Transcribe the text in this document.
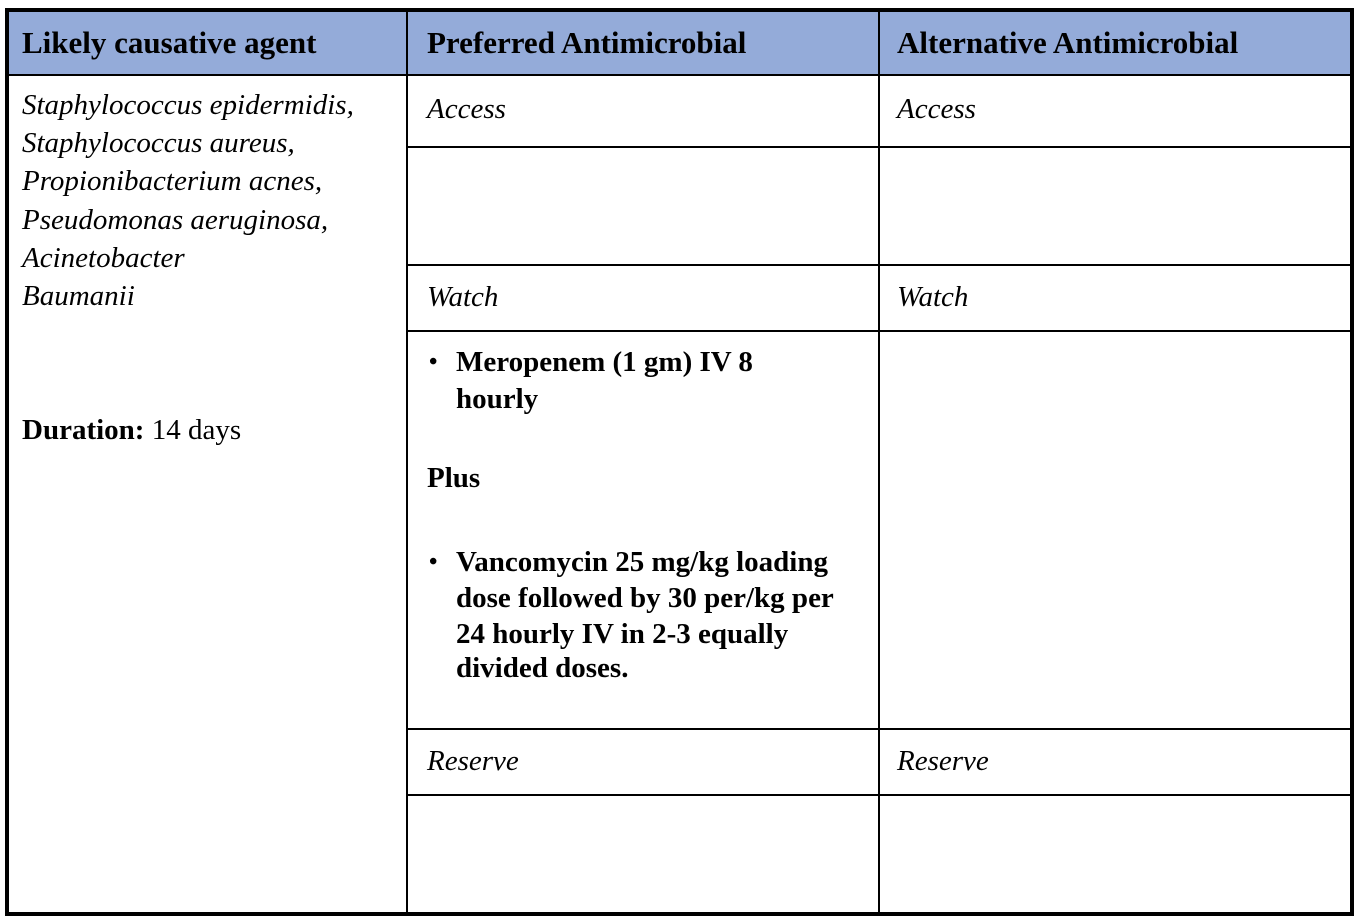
Likely causative agent	Preferred Antimicrobial	Alternative Antimicrobial
Staphylococcus epidermidis,
Staphylococcus aureus,
Propionibacterium acnes,
Pseudomonas aeruginosa,
Acinetobacter
Baumanii
Duration: 14 days
Access
Watch
• Meropenem (1 gm) IV 8
hourly
Plus
• Vancomycin 25 mg/kg loading
dose followed by 30 per/kg per
24 hourly IV in 2-3 equally
divided doses.
Reserve
Access
Watch
Reserve
